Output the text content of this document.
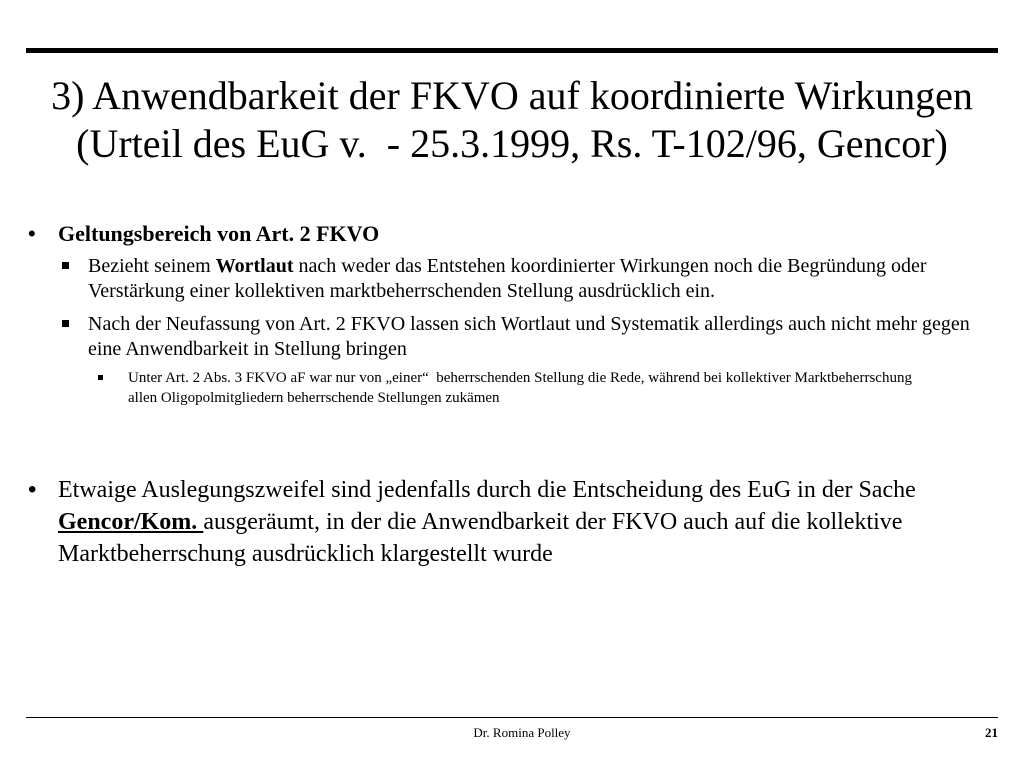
3) Anwendbarkeit der FKVO auf koordinierte Wirkungen
(Urteil des EuG v.  - 25.3.1999, Rs. T-102/96, Gencor)
•	Geltungsbereich von Art. 2 FKVO
Bezieht seinem Wortlaut nach weder das Entstehen koordinierter Wirkungen noch die Begründung oder Verstärkung einer kollektiven marktbeherrschenden Stellung ausdrücklich ein.
Nach der Neufassung von Art. 2 FKVO lassen sich Wortlaut und Systematik allerdings auch nicht mehr gegen eine Anwendbarkeit in Stellung bringen
Unter Art. 2 Abs. 3 FKVO aF war nur von „einer“  beherrschenden Stellung die Rede, während bei kollektiver Marktbeherrschung allen Oligopolmitgliedern beherrschende Stellungen zukämen
• Etwaige Auslegungszweifel sind jedenfalls durch die Entscheidung des EuG in der Sache Gencor/Kom. ausgeräumt, in der die Anwendbarkeit der FKVO auch auf die kollektive Marktbeherrschung ausdrücklich klargestellt wurde
Dr. Romina Polley	21
